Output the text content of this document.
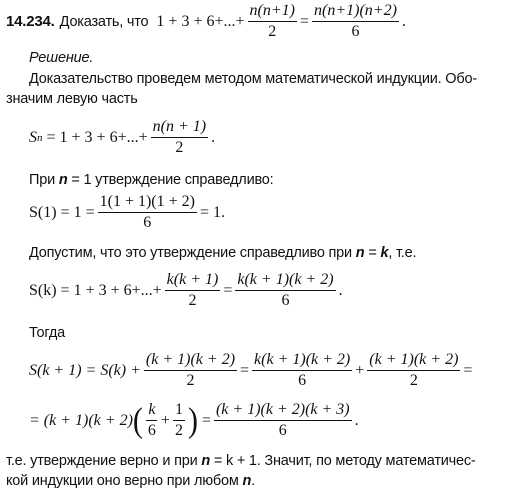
14.234. Доказать, что $1 + 3 + 6+...+ \frac{n(n+1)}{2} = \frac{n(n+1)(n+2)}{6}$ .
Решение.
Доказательство проведем методом математической индукции. Обо-
значим левую часть
S $n = 1 + 3 + 6+...+ \frac{n(n + 1)}{2}$ .
При n = 1 утверждение справедливо:
$S(1) = 1 = \frac{1(1 + 1)(1 + 2)}{6} = 1$.
Допустим, что это утверждение справедливо при n = k, т.е.
$S(k) = 1 + 3 + 6+...+ \frac{k(k + 1)}{2} = \frac{k(k + 1)(k + 2)}{6}$ .
Тогда
$S(k + 1) = S(k) + \frac{(k + 1)(k + 2)}{2} = \frac{k(k + 1)(k + 2)}{6} + \frac{(k + 1)(k + 2)}{2}$ =
= (k + 1)(k + 2) ( $\frac{k}{6} + \frac{1}{2}$ ) = $\frac{(k + 1)(k + 2)(k + 3)}{6}$ .
т.е. утверждение верно и при n = k + 1. Значит, по методу математичес-
кой индукции оно верно при любом n.
